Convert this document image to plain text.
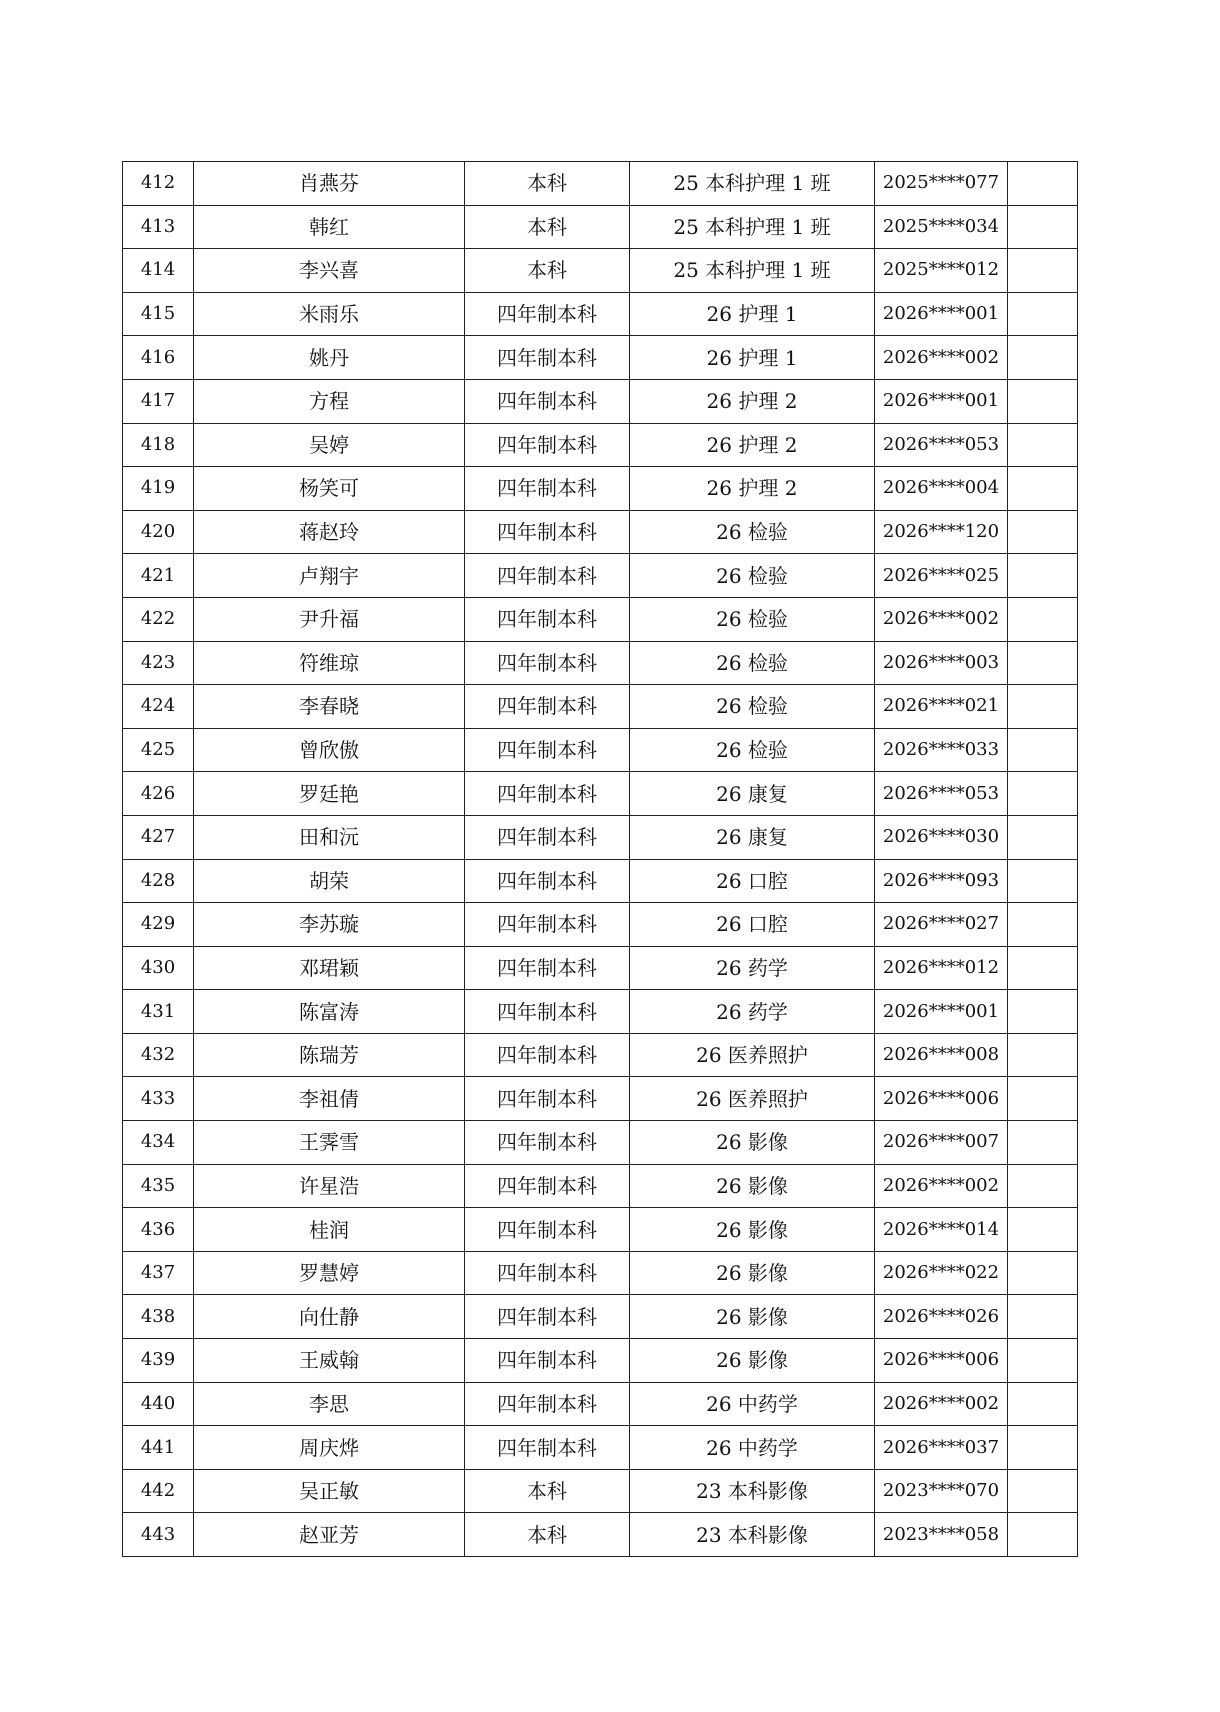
412	肖燕芬	本科	25 本科护理 1 班	2025****077	
413	韩红	本科	25 本科护理 1 班	2025****034	
414	李兴喜	本科	25 本科护理 1 班	2025****012	
415	米雨乐	四年制本科	26 护理 1	2026****001	
416	姚丹	四年制本科	26 护理 1	2026****002	
417	方程	四年制本科	26 护理 2	2026****001	
418	吴婷	四年制本科	26 护理 2	2026****053	
419	杨笑可	四年制本科	26 护理 2	2026****004	
420	蒋赵玲	四年制本科	26 检验	2026****120	
421	卢翔宇	四年制本科	26 检验	2026****025	
422	尹升福	四年制本科	26 检验	2026****002	
423	符维琼	四年制本科	26 检验	2026****003	
424	李春晓	四年制本科	26 检验	2026****021	
425	曾欣傲	四年制本科	26 检验	2026****033	
426	罗廷艳	四年制本科	26 康复	2026****053	
427	田和沅	四年制本科	26 康复	2026****030	
428	胡荣	四年制本科	26 口腔	2026****093	
429	李苏璇	四年制本科	26 口腔	2026****027	
430	邓珺颖	四年制本科	26 药学	2026****012	
431	陈富涛	四年制本科	26 药学	2026****001	
432	陈瑞芳	四年制本科	26 医养照护	2026****008	
433	李祖倩	四年制本科	26 医养照护	2026****006	
434	王霁雪	四年制本科	26 影像	2026****007	
435	许星浩	四年制本科	26 影像	2026****002	
436	桂润	四年制本科	26 影像	2026****014	
437	罗慧婷	四年制本科	26 影像	2026****022	
438	向仕静	四年制本科	26 影像	2026****026	
439	王威翰	四年制本科	26 影像	2026****006	
440	李思	四年制本科	26 中药学	2026****002	
441	周庆烨	四年制本科	26 中药学	2026****037	
442	吴正敏	本科	23 本科影像	2023****070	
443	赵亚芳	本科	23 本科影像	2023****058	
